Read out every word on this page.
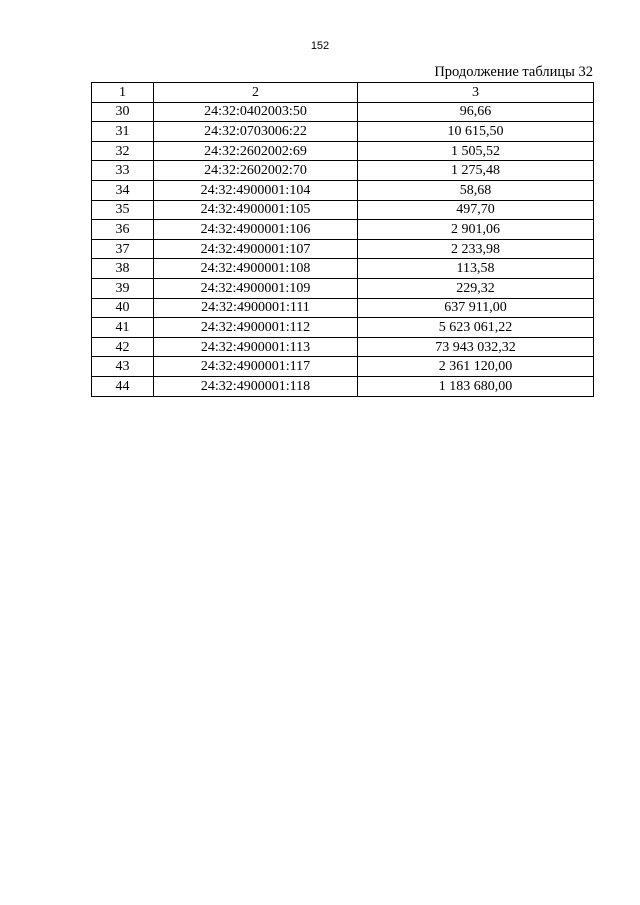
152
Продолжение таблицы 32
1	2	3
30	24:32:0402003:50	96,66
31	24:32:0703006:22	10 615,50
32	24:32:2602002:69	1 505,52
33	24:32:2602002:70	1 275,48
34	24:32:4900001:104	58,68
35	24:32:4900001:105	497,70
36	24:32:4900001:106	2 901,06
37	24:32:4900001:107	2 233,98
38	24:32:4900001:108	113,58
39	24:32:4900001:109	229,32
40	24:32:4900001:111	637 911,00
41	24:32:4900001:112	5 623 061,22
42	24:32:4900001:113	73 943 032,32
43	24:32:4900001:117	2 361 120,00
44	24:32:4900001:118	1 183 680,00
